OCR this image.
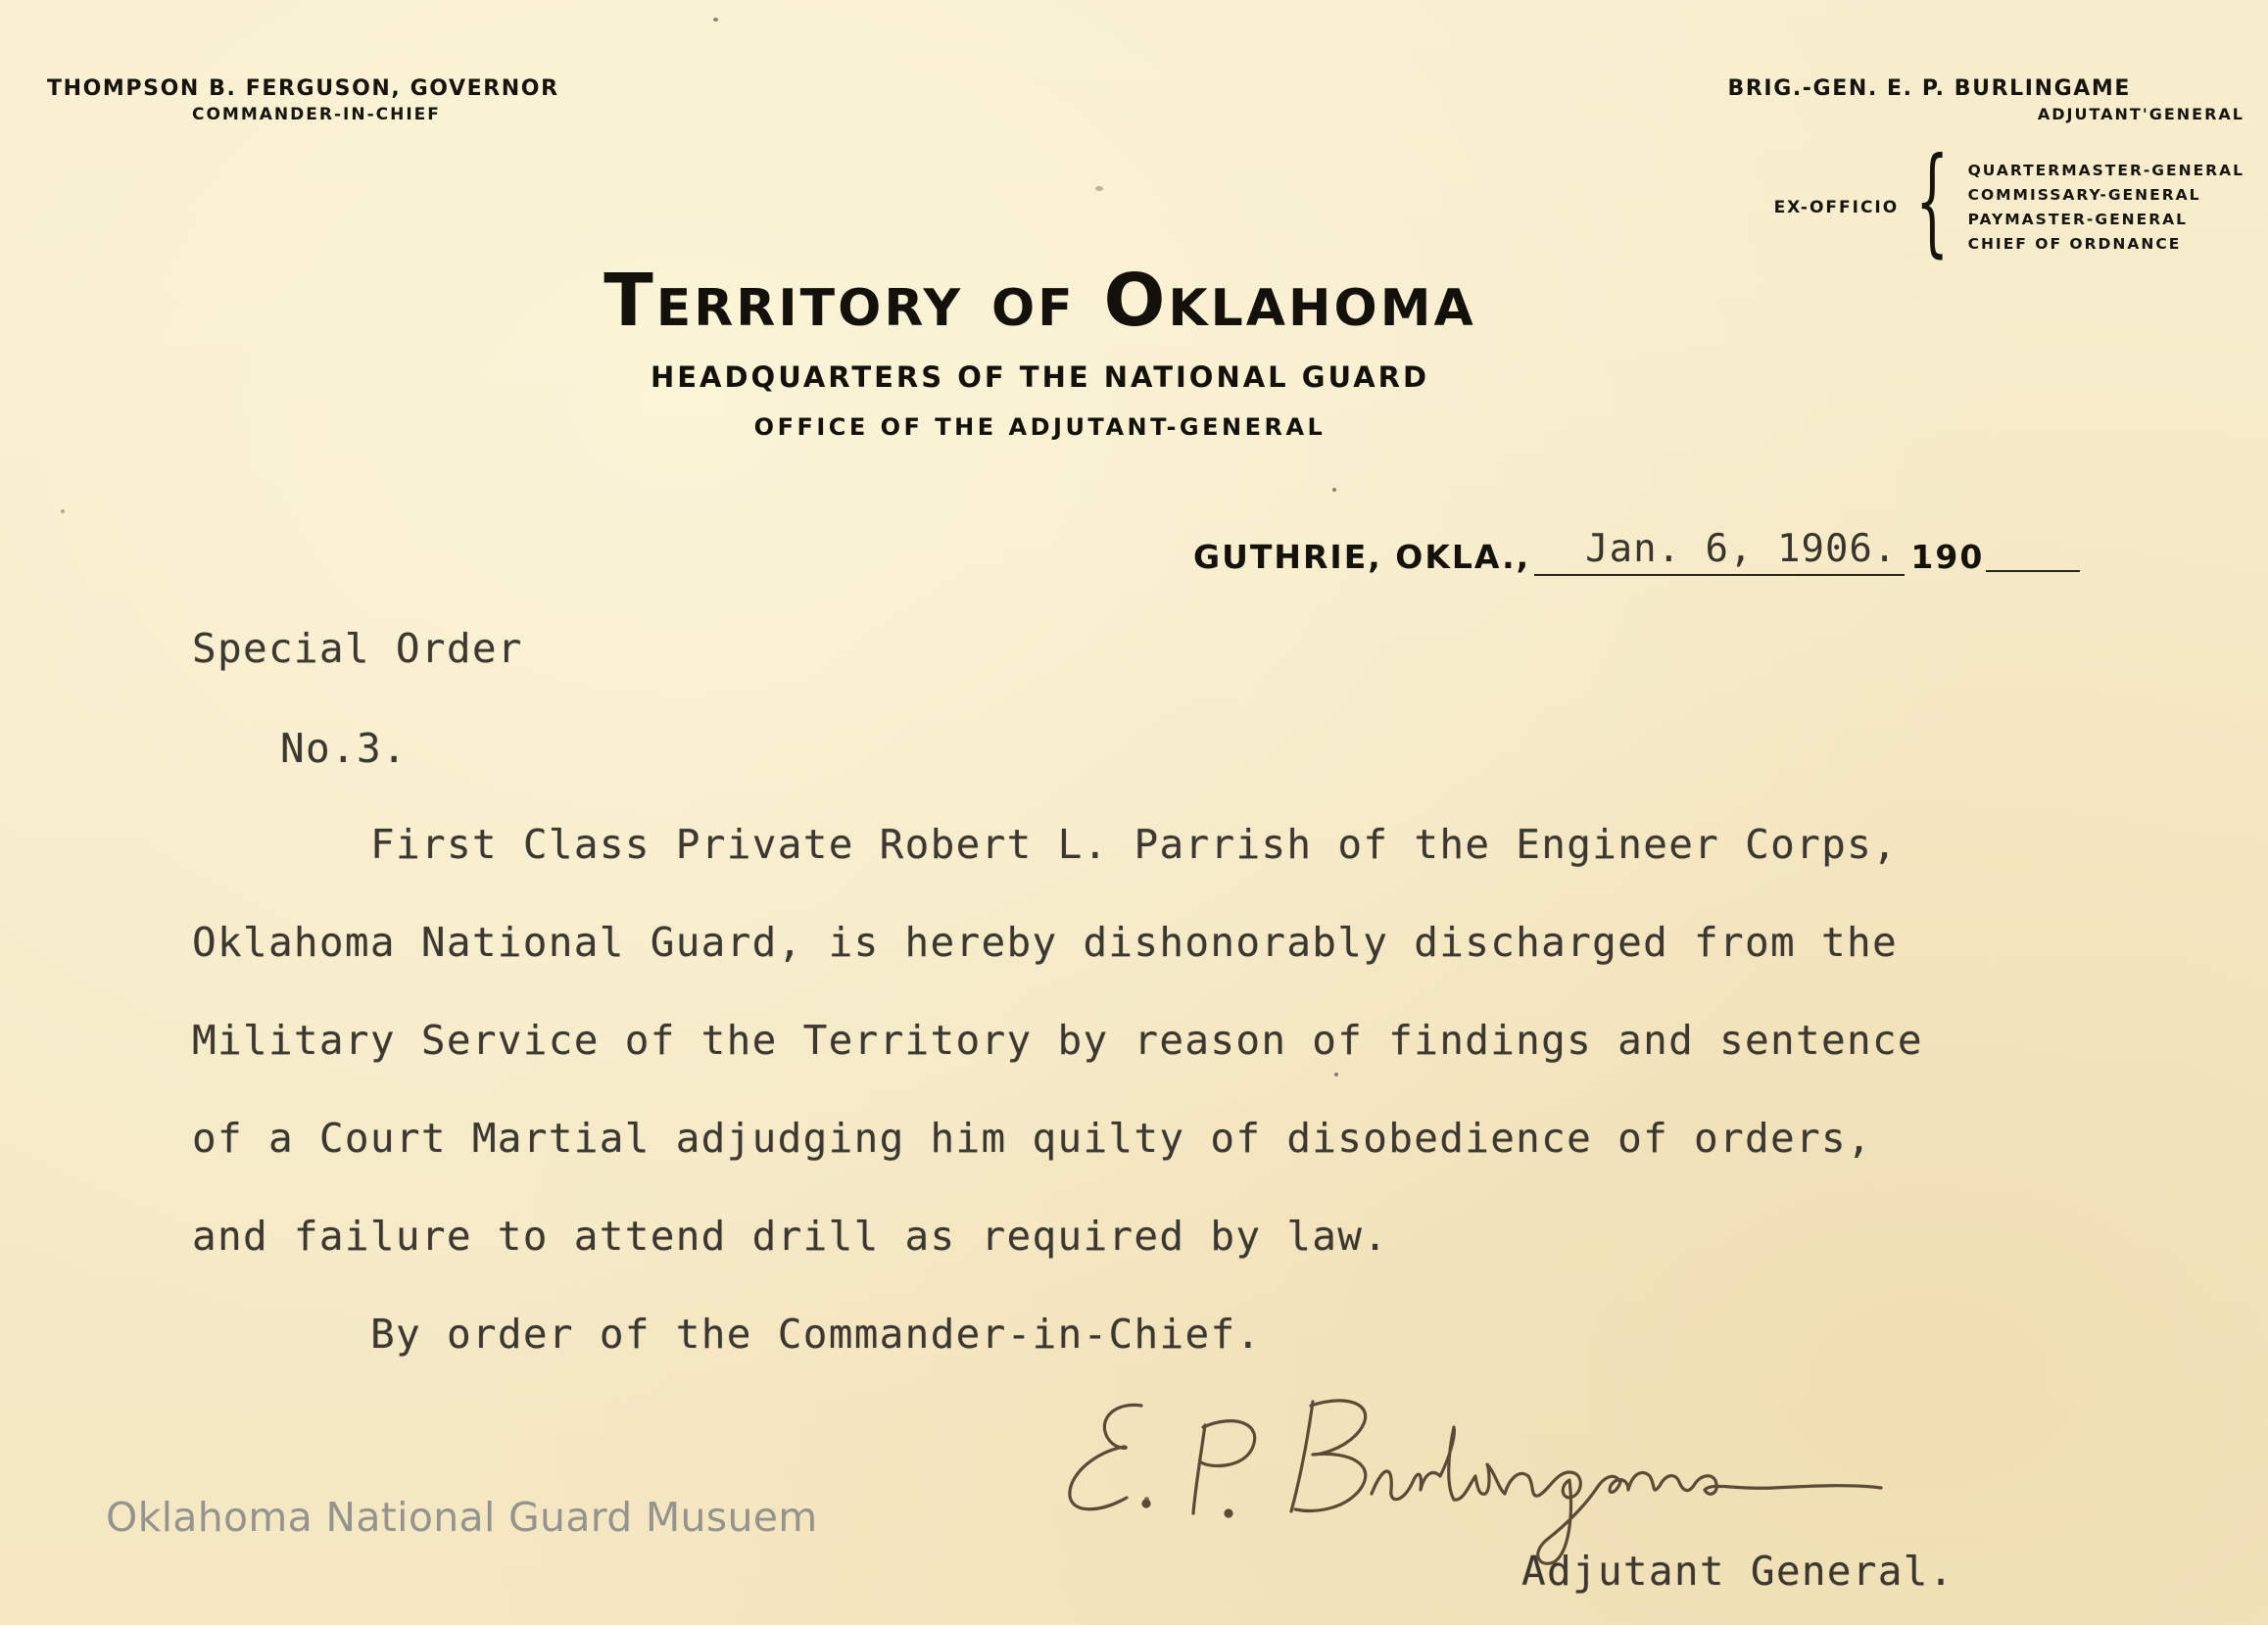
THOMPSON B. FERGUSON, GOVERNOR
COMMANDER-IN-CHIEF
BRIG.-GEN. E. P. BURLINGAME
ADJUTANT'GENERAL
EX-OFFICIO { QUARTERMASTER-GENERAL
COMMISSARY-GENERAL
PAYMASTER-GENERAL
CHIEF OF ORDNANCE
Territory of Oklahoma
HEADQUARTERS OF THE NATIONAL GUARD
OFFICE OF THE ADJUTANT-GENERAL
GUTHRIE, OKLA.,	Jan. 6, 1906. 190
Special Order
No.3.
First Class Private Robert L. Parrish of the Engineer Corps,
Oklahoma National Guard, is hereby dishonorably discharged from the
Military Service of the Territory by reason of findings and sentence
of a Court Martial adjudging him quilty of disobedience of orders,
and failure to attend drill as required by law.
By order of the Commander-in-Chief.
Adjutant General.
Oklahoma National Guard Musuem
